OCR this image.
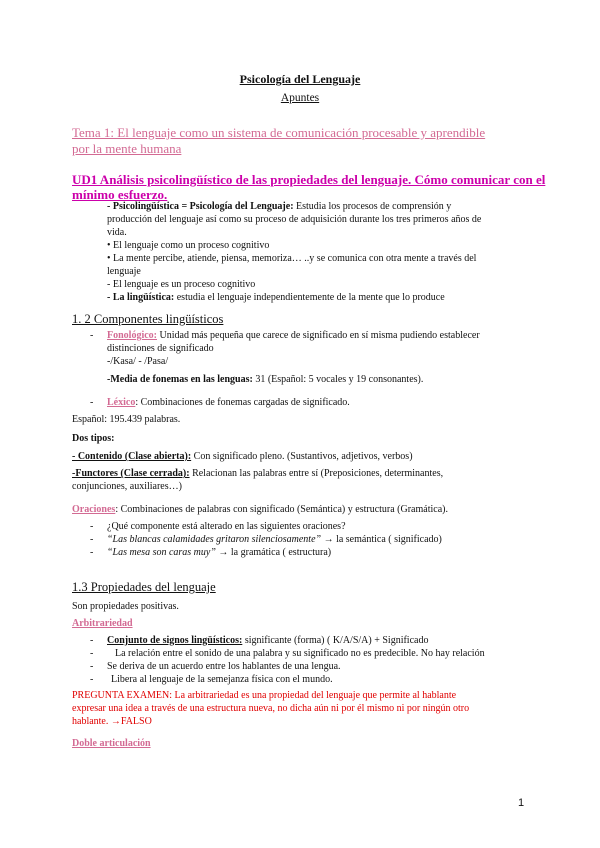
Psicología del Lenguaje
Apuntes
Tema 1: El lenguaje como un sistema de comunicación procesable y aprendible
por la mente humana
UD1 Análisis psicolingüístico de las propiedades del lenguaje. Cómo comunicar con el
mínimo esfuerzo.
- Psicolingüística = Psicología del Lenguaje: Estudia los procesos de comprensión y
producción del lenguaje así como su proceso de adquisición durante los tres primeros años de
vida.
• El lenguaje como un proceso cognitivo
• La mente percibe, atiende, piensa, memoriza… ..y se comunica con otra mente a través del
lenguaje
- El lenguaje es un proceso cognitivo
- La lingüística: estudia el lenguaje independientemente de la mente que lo produce
1. 2 Componentes lingüísticos
- Fonológico: Unidad más pequeña que carece de significado en sí misma pudiendo establecer
distinciones de significado
-/Kasa/ - /Pasa/
-Media de fonemas en las lenguas: 31 (Español: 5 vocales y 19 consonantes).
- Léxico: Combinaciones de fonemas cargadas de significado.
Español: 195.439 palabras.
Dos tipos:
- Contenido (Clase abierta): Con significado pleno. (Sustantivos, adjetivos, verbos)
-Functores (Clase cerrada): Relacionan las palabras entre sí (Preposiciones, determinantes,
conjunciones, auxiliares…)
Oraciones: Combinaciones de palabras con significado (Semántica) y estructura (Gramática).
- ¿Qué componente está alterado en las siguientes oraciones?
- “Las blancas calamidades gritaron silenciosamente” → la semántica ( significado)
- “Las mesa son caras muy” → la gramática ( estructura)
1.3 Propiedades del lenguaje
Son propiedades positivas.
Arbitrariedad
- Conjunto de signos lingüísticos: significante (forma) ( K/A/S/A) + Significado
- La relación entre el sonido de una palabra y su significado no es predecible. No hay relación
- Se deriva de un acuerdo entre los hablantes de una lengua.
- Libera al lenguaje de la semejanza física con el mundo.
PREGUNTA EXAMEN: La arbitrariedad es una propiedad del lenguaje que permite al hablante
expresar una idea a través de una estructura nueva, no dicha aún ni por él mismo ni por ningún otro
hablante. →FALSO
Doble articulación
1
